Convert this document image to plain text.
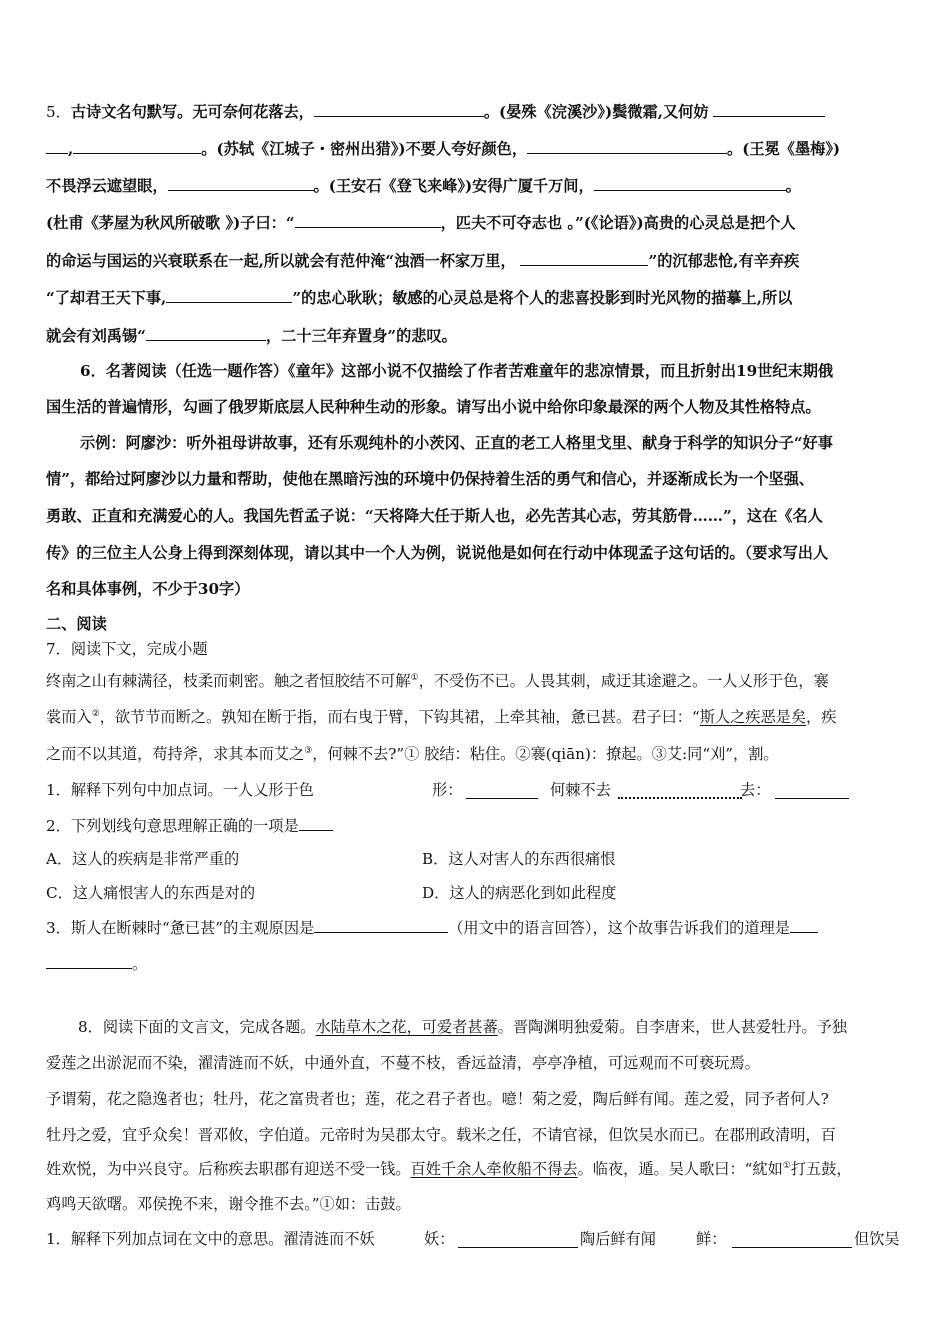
5．古诗文名句默写。无可奈何花落去，	。(晏殊《浣溪沙》)鬓微霜,又何妨
,	。(苏轼《江城子・密州出猎》)不要人夸好颜色，	。(王冕《墨梅》)
不畏浮云遮望眼，	。(王安石《登飞来峰》)安得广厦千万间，	。
(杜甫《茅屋为秋风所破歌 》)子曰：“	，匹夫不可夺志也 。”(《论语》)高贵的心灵总是把个人
的命运与国运的兴衰联系在一起,所以就会有范仲淹“浊酒一杯家万里，	”的沉郁悲怆,有辛弃疾
“了却君王天下事,	”的忠心耿耿；敏感的心灵总是将个人的悲喜投影到时光风物的描摹上,所以
就会有刘禹锡“	，二十三年弃置身”的悲叹。
6．名著阅读（任选一题作答）《童年》这部小说不仅描绘了作者苦难童年的悲凉情景，而且折射出19世纪末期俄
国生活的普遍情形，勾画了俄罗斯底层人民种种生动的形象。请写出小说中给你印象最深的两个人物及其性格特点。
示例：阿廖沙：听外祖母讲故事，还有乐观纯朴的小茨冈、正直的老工人格里戈里、献身于科学的知识分子“好事
情”，都给过阿廖沙以力量和帮助，使他在黑暗污浊的环境中仍保持着生活的勇气和信心，并逐渐成长为一个坚强、
勇敢、正直和充满爱心的人。我国先哲孟子说：“天将降大任于斯人也，必先苦其心志，劳其筋骨……”，这在《名人
传》的三位主人公身上得到深刻体现，请以其中一个人为例，说说他是如何在行动中体现孟子这句话的。（要求写出人
名和具体事例，不少于30字）
二、阅读
7．阅读下文，完成小题
终南之山有棘满径，枝柔而刺密。触之者恒胶结不可解①，不受伤不已。人畏其刺，咸迂其途避之。一人乂形于色，褰
裳而入②，欲节节而断之。孰知在断于指，而右曳于臂，下钩其裙，上牵其袖，惫已甚。君子曰：“斯人之疾恶是矣，疾
之而不以其道，苟持斧，求其本而艾之③，何棘不去?”① 胶结：粘住。②褰(qiān)：撩起。③艾:同“刈”，割。
1．解释下列句中加点词。一人乂形于色	形：	何棘不去	去：
2．下列划线句意思理解正确的一项是
A．这人的疾病是非常严重的	B．这人对害人的东西很痛恨
C．这人痛恨害人的东西是对的	D．这人的病恶化到如此程度
3．斯人在断棘时“惫已甚”的主观原因是	（用文中的语言回答），这个故事告诉我们的道理是
。
8．阅读下面的文言文，完成各题。水陆草木之花，可爱者甚蕃。晋陶渊明独爱菊。自李唐来，世人甚爱牡丹。予独
爱莲之出淤泥而不染，濯清涟而不妖，中通外直，不蔓不枝，香远益清，亭亭净植，可远观而不可亵玩焉。
予谓菊，花之隐逸者也；牡丹，花之富贵者也；莲，花之君子者也。噫！菊之爱，陶后鲜有闻。莲之爱，同予者何人?
牡丹之爱，宜乎众矣！晋邓攸，字伯道。元帝时为吴郡太守。载米之任，不请官禄，但饮吴水而已。在郡刑政清明，百
姓欢悦，为中兴良守。后称疾去职郡有迎送不受一钱。百姓千余人牵攸船不得去。临夜，遁。吴人歌曰：“紞如①打五鼓，
鸡鸣天欲曙。邓侯挽不来，谢令推不去。”①如：击鼓。
1．解释下列加点词在文中的意思。濯清涟而不妖	妖：	陶后鲜有闻	鲜：	但饮吴
